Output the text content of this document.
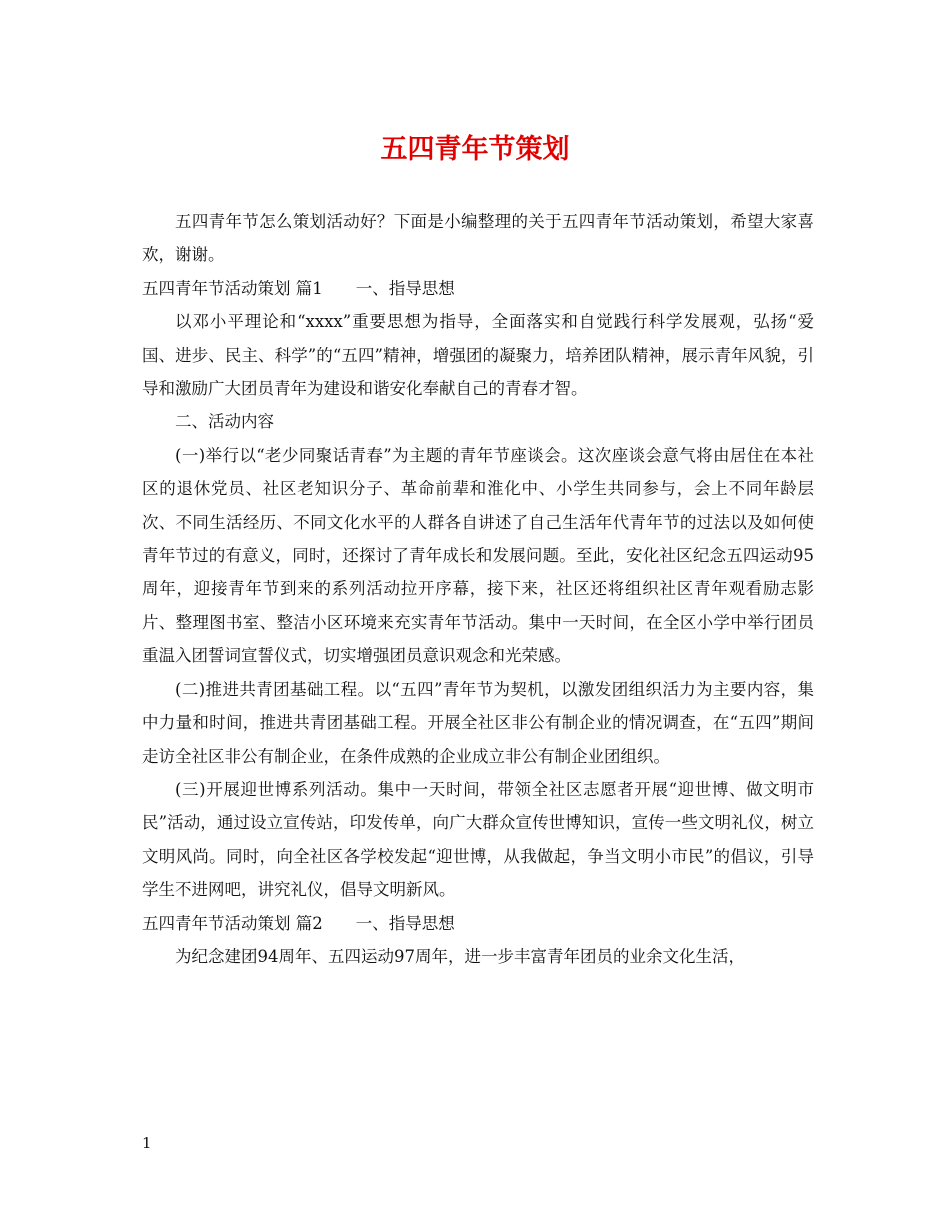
五四青年节策划

五四青年节怎么策划活动好？下面是小编整理的关于五四青年节活动策划，希望大家喜欢，谢谢。

五四青年节活动策划 篇1　　一、指导思想

以邓小平理论和“xxxx”重要思想为指导，全面落实和自觉践行科学发展观，弘扬“爱国、进步、民主、科学”的“五四”精神，增强团的凝聚力，培养团队精神，展示青年风貌，引导和激励广大团员青年为建设和谐安化奉献自己的青春才智。

二、活动内容

(一)举行以“老少同聚话青春”为主题的青年节座谈会。这次座谈会意气将由居住在本社区的退休党员、社区老知识分子、革命前辈和淮化中、小学生共同参与，会上不同年龄层次、不同生活经历、不同文化水平的人群各自讲述了自己生活年代青年节的过法以及如何使青年节过的有意义，同时，还探讨了青年成长和发展问题。至此，安化社区纪念五四运动95周年，迎接青年节到来的系列活动拉开序幕，接下来，社区还将组织社区青年观看励志影片、整理图书室、整洁小区环境来充实青年节活动。集中一天时间，在全区小学中举行团员重温入团誓词宣誓仪式，切实增强团员意识观念和光荣感。

(二)推进共青团基础工程。以“五四”青年节为契机，以激发团组织活力为主要内容，集中力量和时间，推进共青团基础工程。开展全社区非公有制企业的情况调查，在“五四”期间走访全社区非公有制企业，在条件成熟的企业成立非公有制企业团组织。

(三)开展迎世博系列活动。集中一天时间，带领全社区志愿者开展“迎世博、做文明市民”活动，通过设立宣传站，印发传单，向广大群众宣传世博知识，宣传一些文明礼仪，树立文明风尚。同时，向全社区各学校发起“迎世博，从我做起，争当文明小市民”的倡议，引导学生不进网吧，讲究礼仪，倡导文明新风。

五四青年节活动策划 篇2　　一、指导思想

为纪念建团94周年、五四运动97周年，进一步丰富青年团员的业余文化生活，

1
